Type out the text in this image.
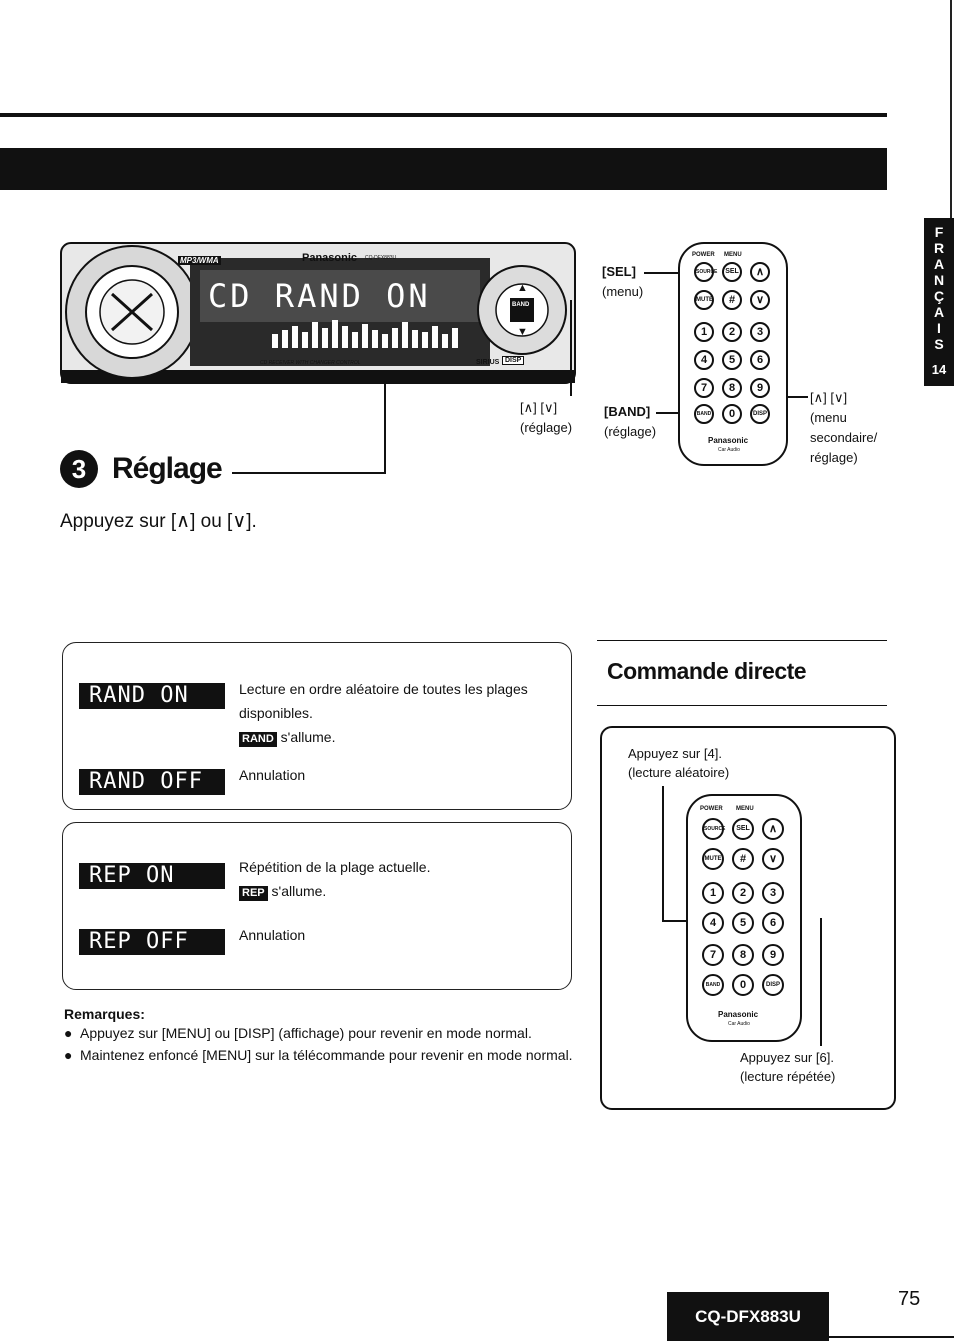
F
R
A
N
Ç
A
I
S
14
Panasonic CQ-DFX883U
MP3/WMA
CD RAND ON
CD RECEIVER WITH CHANGER CONTROL	SIRIUS DISP
BAND
▲
▼
[∧] [∨]
(réglage)
[SEL]
(menu)
[BAND]
(réglage)
[∧] [∨]
(menu
secondaire/
réglage)
POWER MENU
SOURCE	SEL	∧
MUTE	#	∨
1	2	3
4	5	6
7	8	9
BAND	0	DISP
Panasonic
Car Audio
3 Réglage
Appuyez sur [∧] ou [∨].
RAND ON	Lecture en ordre aléatoire de toutes les plages
disponibles.
RAND s'allume.
RAND OFF	Annulation
REP ON	Répétition de la plage actuelle.
REP s'allume.
REP OFF	Annulation
Remarques:
● Appuyez sur [MENU] ou [DISP] (affichage) pour revenir en mode normal.
● Maintenez enfoncé [MENU] sur la télécommande pour revenir en mode normal.
Commande directe
Appuyez sur [4].
(lecture aléatoire)
Appuyez sur [6].
(lecture répétée)
POWER MENU
SOURCE	SEL	∧
MUTE	#	∨
1	2	3
4	5	6
7	8	9
BAND	0	DISP
Panasonic
Car Audio
CQ-DFX883U
75
